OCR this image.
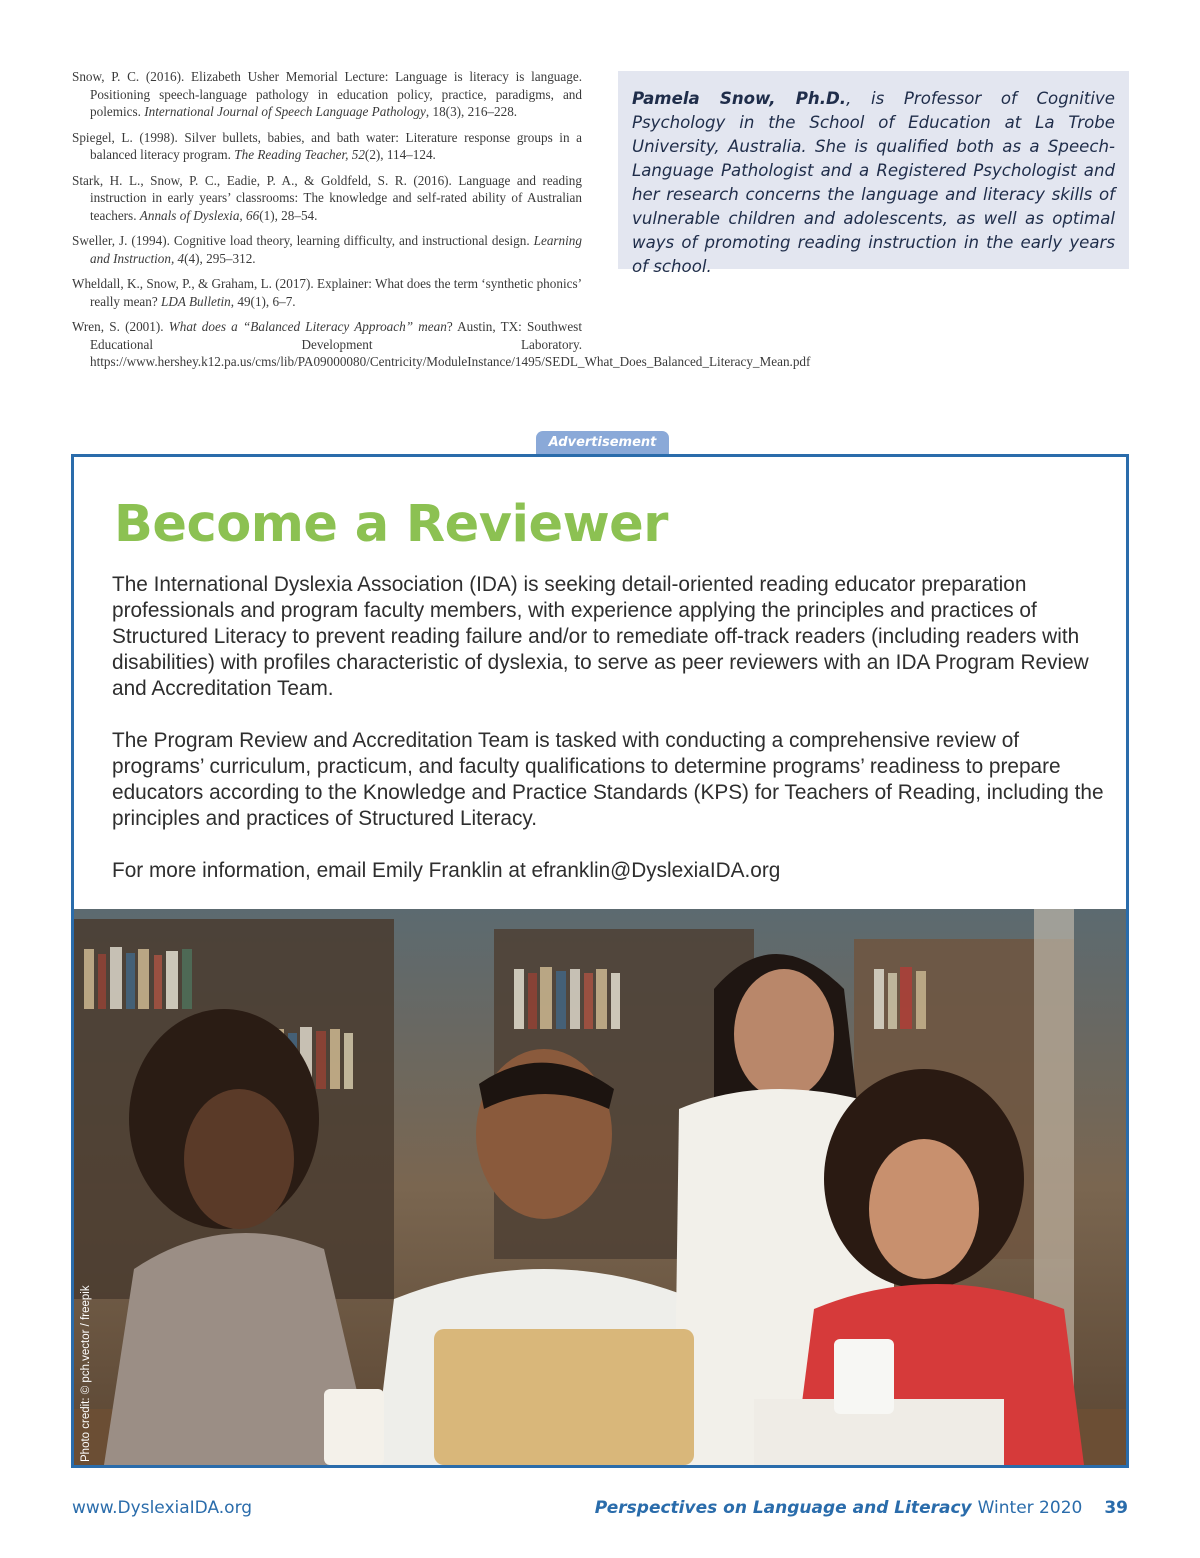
Snow, P. C. (2016). Elizabeth Usher Memorial Lecture: Language is literacy is language. Positioning speech-language pathology in education policy, practice, paradigms, and polemics. International Journal of Speech Language Pathology, 18(3), 216–228.

Spiegel, L. (1998). Silver bullets, babies, and bath water: Literature response groups in a balanced literacy program. The Reading Teacher, 52(2), 114–124.

Stark, H. L., Snow, P. C., Eadie, P. A., & Goldfeld, S. R. (2016). Language and reading instruction in early years’ classrooms: The knowledge and self-rated ability of Australian teachers. Annals of Dyslexia, 66(1), 28–54.

Sweller, J. (1994). Cognitive load theory, learning difficulty, and instructional design. Learning and Instruction, 4(4), 295–312.

Wheldall, K., Snow, P., & Graham, L. (2017). Explainer: What does the term ‘synthetic phonics’ really mean? LDA Bulletin, 49(1), 6–7.

Wren, S. (2001). What does a “Balanced Literacy Approach” mean? Austin, TX: Southwest Educational Development Laboratory. https://www.hershey.k12.pa.us/cms/lib/PA09000080/Centricity/ModuleInstance/1495/SEDL_What_Does_Balanced_Literacy_Mean.pdf

Pamela Snow, Ph.D., is Professor of Cognitive Psychology in the School of Education at La Trobe University, Australia. She is qualified both as a Speech-Language Pathologist and a Registered Psychologist and her research concerns the language and literacy skills of vulnerable children and adolescents, as well as optimal ways of promoting reading instruction in the early years of school.
Advertisement
Become a Reviewer

The International Dyslexia Association (IDA) is seeking detail-oriented reading educator preparation professionals and program faculty members, with experience applying the principles and practices of Structured Literacy to prevent reading failure and/or to remediate off-track readers (including readers with disabilities) with profiles characteristic of dyslexia, to serve as peer reviewers with an IDA Program Review and Accreditation Team.

The Program Review and Accreditation Team is tasked with conducting a comprehensive review of programs’ curriculum, practicum, and faculty qualifications to determine programs’ readiness to prepare educators according to the Knowledge and Practice Standards (KPS) for Teachers of Reading, including the principles and practices of Structured Literacy.

For more information, email Emily Franklin at efranklin@DyslexiaIDA.org

Photo credit: © pch.vector / freepik
www.DyslexiaIDA.org	Perspectives on Language and Literacy Winter 2020 39
